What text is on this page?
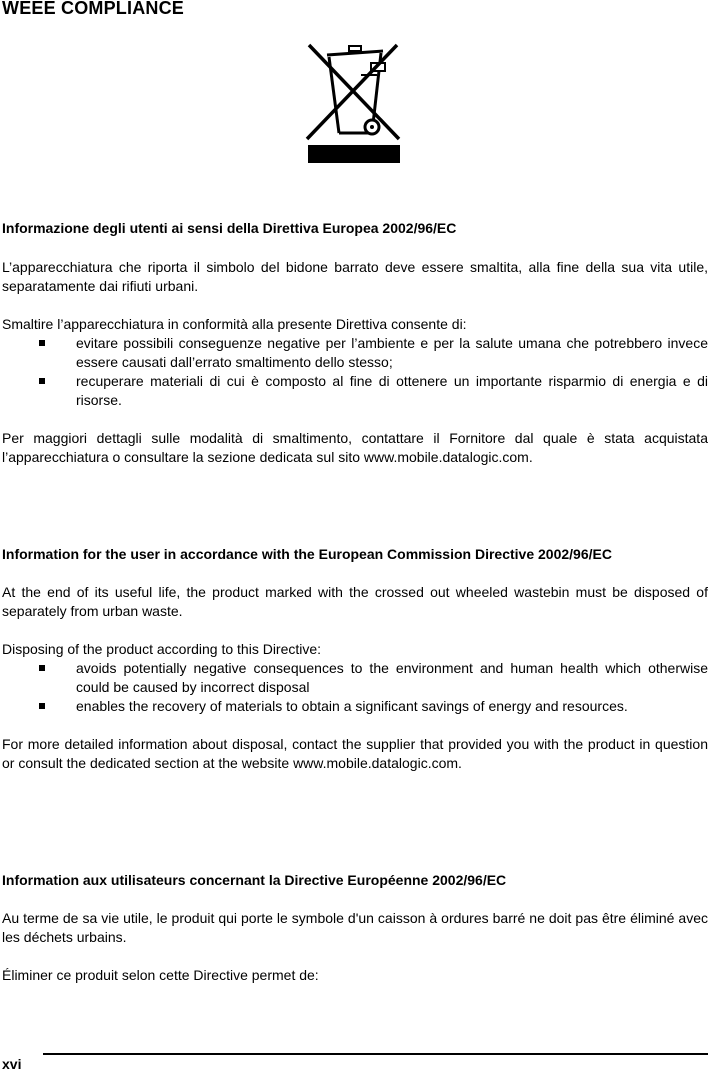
WEEE COMPLIANCE

Informazione degli utenti ai sensi della Direttiva Europea 2002/96/EC

L’apparecchiatura che riporta il simbolo del bidone barrato deve essere smaltita, alla fine della sua vita utile, separatamente dai rifiuti urbani.

Smaltire l’apparecchiatura in conformità alla presente Direttiva consente di:

evitare possibili conseguenze negative per l’ambiente e per la salute umana che potrebbero invece essere causati dall’errato smaltimento dello stesso;
recuperare materiali di cui è composto al fine di ottenere un importante risparmio di energia e di risorse.

Per maggiori dettagli sulle modalità di smaltimento, contattare il Fornitore dal quale è stata acquistata l’apparecchiatura o consultare la sezione dedicata sul sito www.mobile.datalogic.com.

Information for the user in accordance with the European Commission Directive 2002/96/EC

At the end of its useful life, the product marked with the crossed out wheeled wastebin must be disposed of separately from urban waste.

Disposing of the product according to this Directive:

avoids potentially negative consequences to the environment and human health which otherwise could be caused by incorrect disposal
enables the recovery of materials to obtain a significant savings of energy and resources.

For more detailed information about disposal, contact the supplier that provided you with the product in question or consult the dedicated section at the website www.mobile.datalogic.com.

Information aux utilisateurs concernant la Directive Européenne 2002/96/EC

Au terme de sa vie utile, le produit qui porte le symbole d'un caisson à ordures barré ne doit pas être éliminé avec les déchets urbains.

Éliminer ce produit selon cette Directive permet de:

xvi
